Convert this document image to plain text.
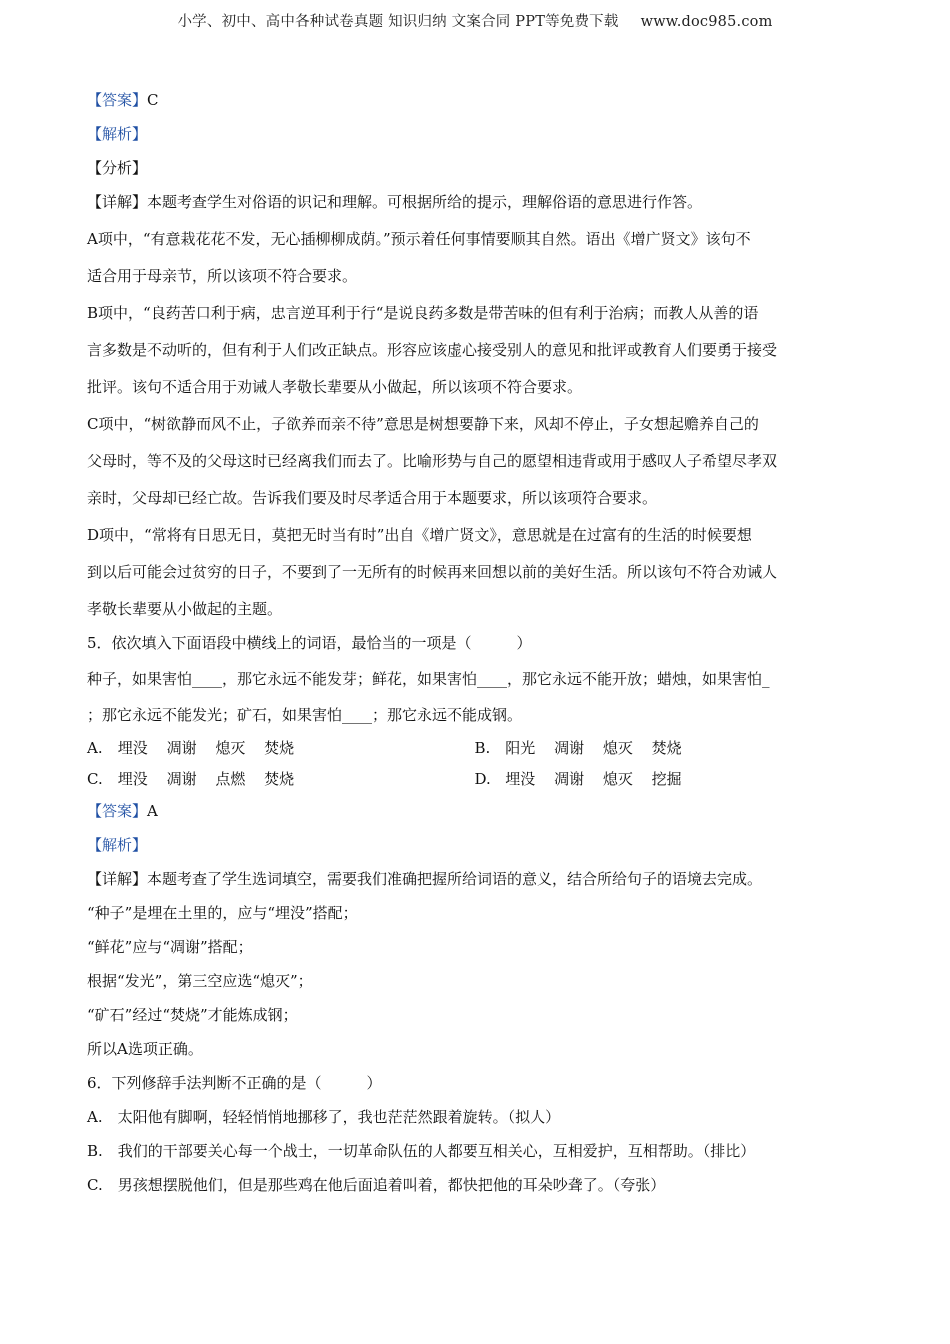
小学、初中、高中各种试卷真题 知识归纳 文案合同 PPT等免费下载 www.doc985.com
【答案】C
【解析】
【分析】
【详解】本题考查学生对俗语的识记和理解。可根据所给的提示，理解俗语的意思进行作答。
A项中，“有意栽花花不发，无心插柳柳成荫。”预示着任何事情要顺其自然。语出《增广贤文》该句不
适合用于母亲节，所以该项不符合要求。
B项中，“良药苦口利于病，忠言逆耳利于行“是说良药多数是带苦味的但有利于治病；而教人从善的语
言多数是不动听的，但有利于人们改正缺点。形容应该虚心接受别人的意见和批评或教育人们要勇于接受
批评。该句不适合用于劝诫人孝敬长辈要从小做起，所以该项不符合要求。
C项中，“树欲静而风不止，子欲养而亲不待”意思是树想要静下来，风却不停止，子女想起赡养自己的
父母时，等不及的父母这时已经离我们而去了。比喻形势与自己的愿望相违背或用于感叹人子希望尽孝双
亲时，父母却已经亡故。告诉我们要及时尽孝适合用于本题要求，所以该项符合要求。
D项中，“常将有日思无日，莫把无时当有时”出自《增广贤文》，意思就是在过富有的生活的时候要想
到以后可能会过贫穷的日子，不要到了一无所有的时候再来回想以前的美好生活。所以该句不符合劝诫人
孝敬长辈要从小做起的主题。
5．依次填入下面语段中横线上的词语，最恰当的一项是（　　　）
种子，如果害怕____，那它永远不能发芽；鲜花，如果害怕____，那它永远不能开放；蜡烛，如果害怕_
；那它永远不能发光；矿石，如果害怕____；那它永远不能成钢。
A. 埋没 凋谢 熄灭 焚烧	B. 阳光 凋谢 熄灭 焚烧
C. 埋没 凋谢 点燃 焚烧	D. 埋没 凋谢 熄灭 挖掘
【答案】A
【解析】
【详解】本题考查了学生选词填空，需要我们准确把握所给词语的意义，结合所给句子的语境去完成。
“种子”是埋在土里的，应与“埋没”搭配；
“鲜花”应与“凋谢”搭配；
根据“发光”，第三空应选“熄灭”；
“矿石”经过“焚烧”才能炼成钢；
所以A选项正确。
6．下列修辞手法判断不正确的是（　　　）
A.　太阳他有脚啊，轻轻悄悄地挪移了，我也茫茫然跟着旋转。（拟人）
B.　我们的干部要关心每一个战士，一切革命队伍的人都要互相关心，互相爱护，互相帮助。（排比）
C.　男孩想摆脱他们，但是那些鸡在他后面追着叫着，都快把他的耳朵吵聋了。（夸张）
